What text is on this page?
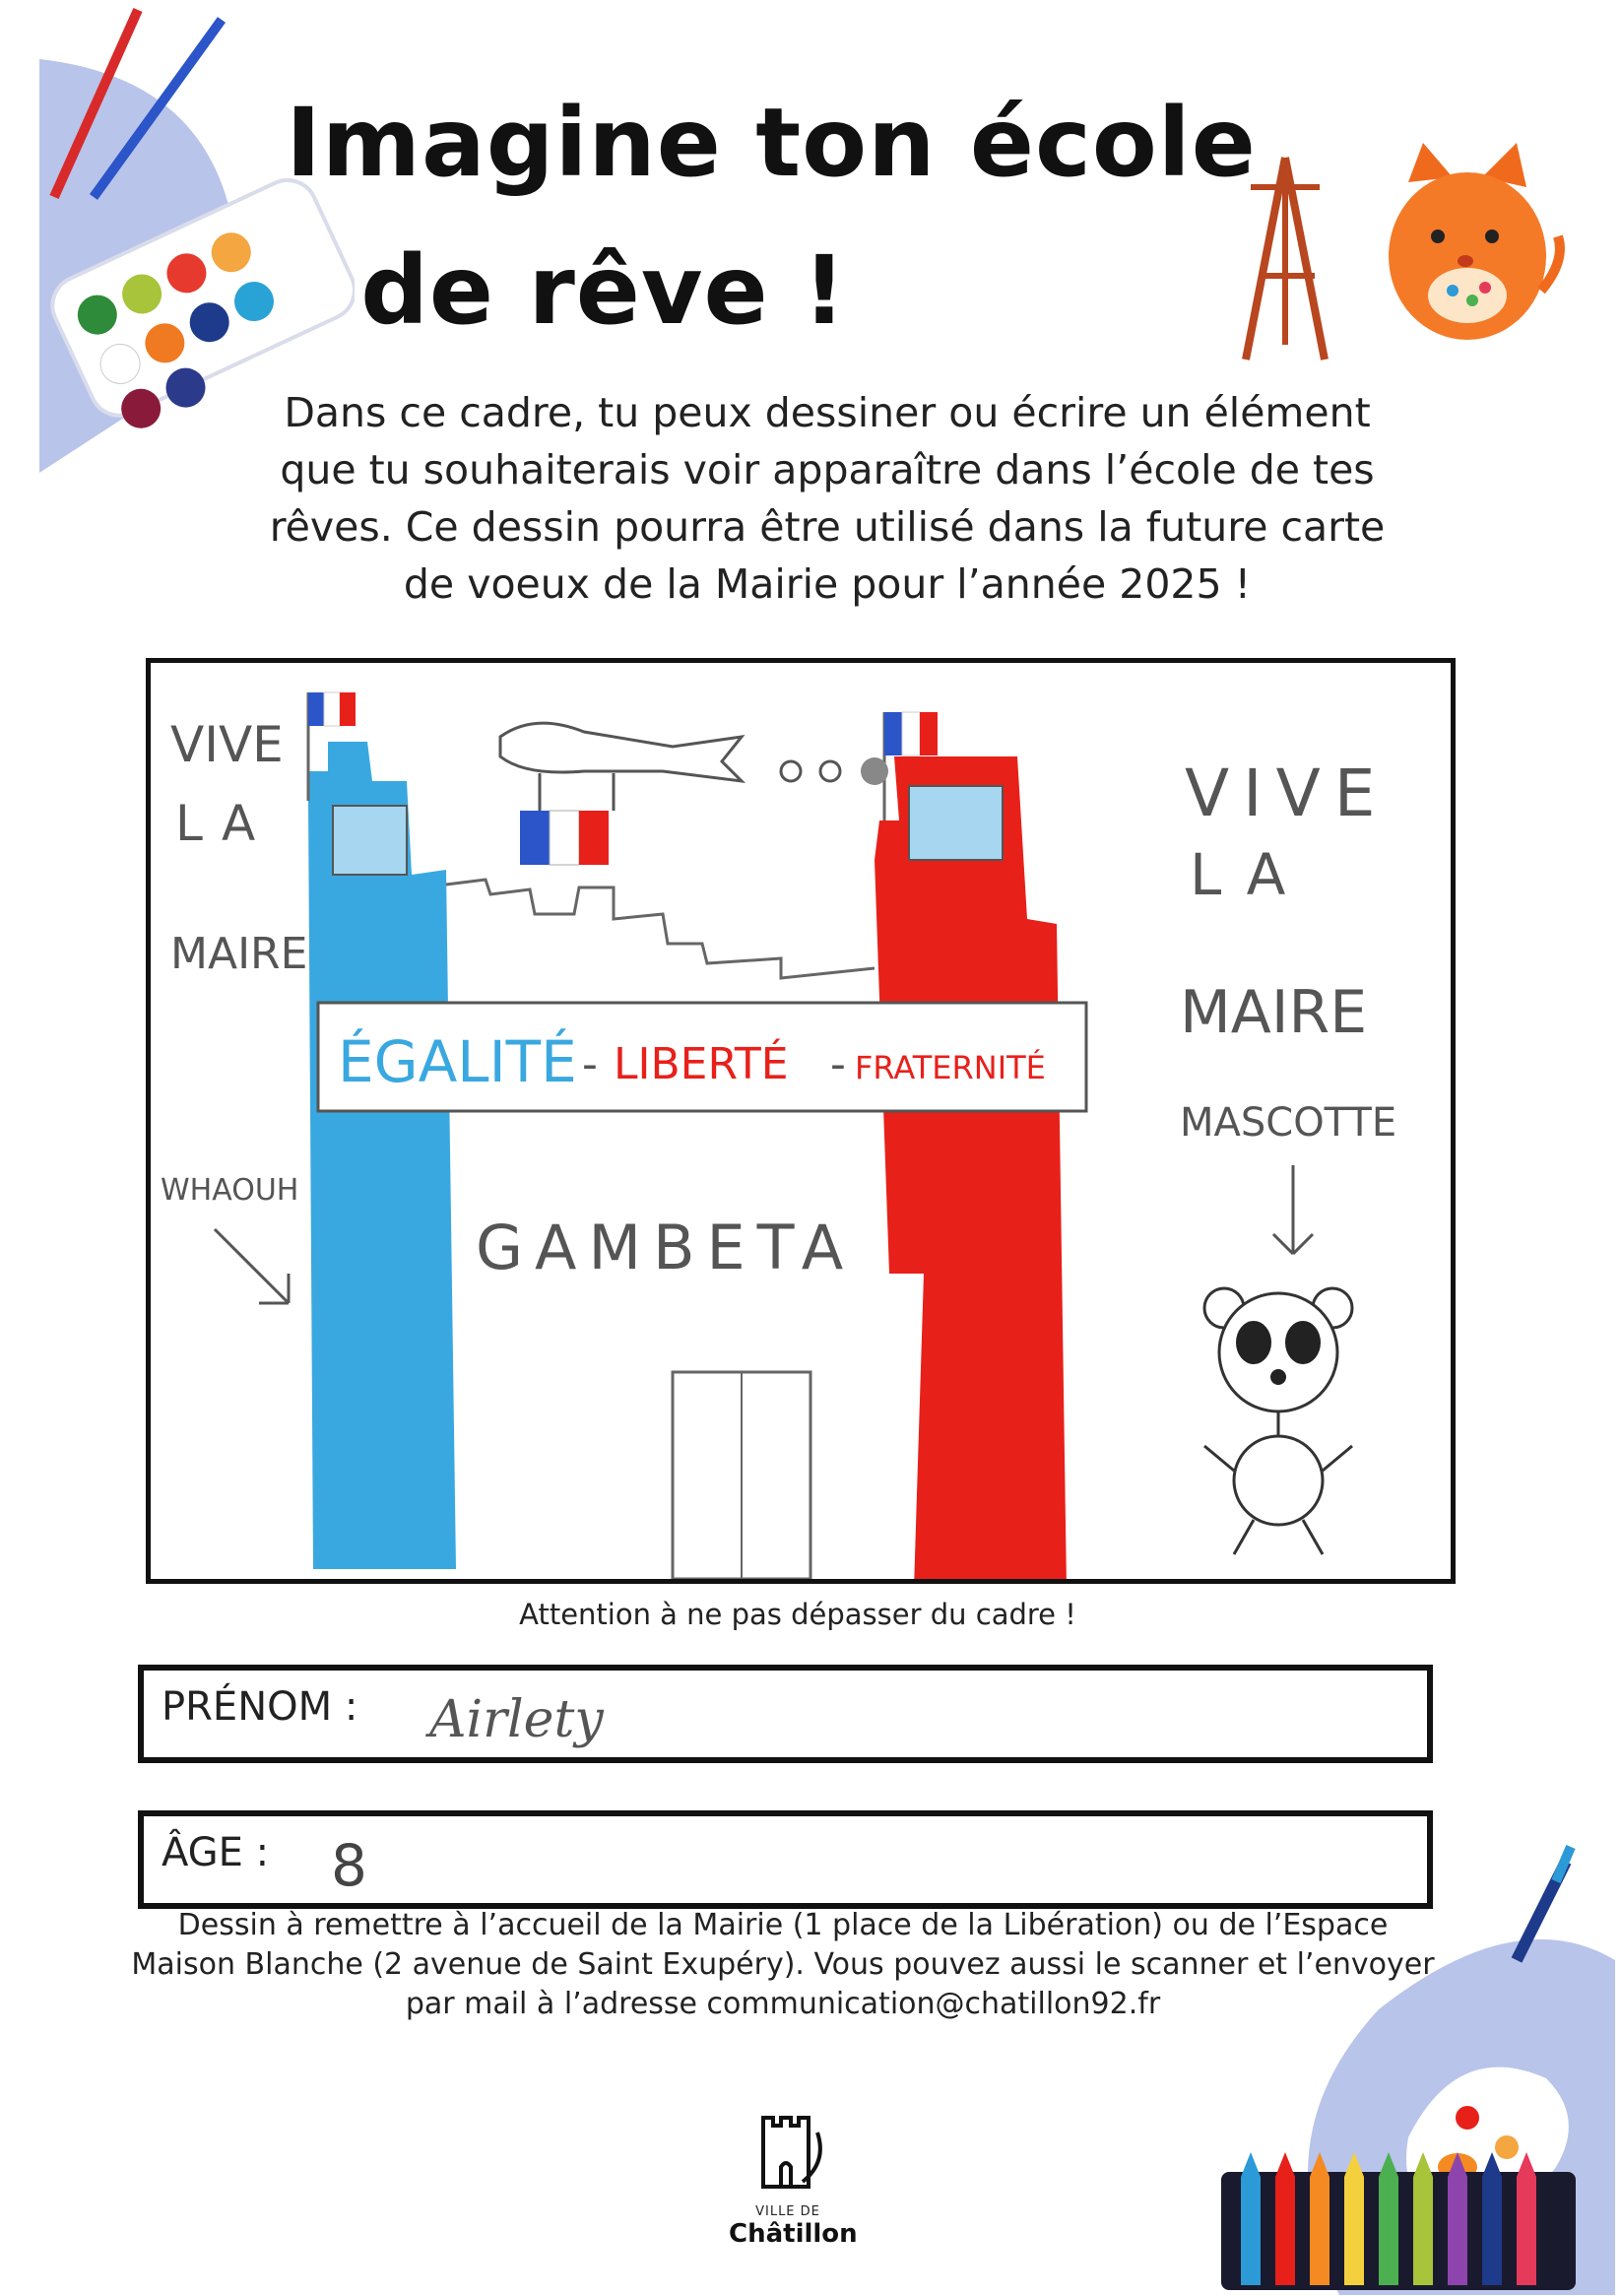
Imagine ton école
de rêve !
Dans ce cadre, tu peux dessiner ou écrire un élément
que tu souhaiterais voir apparaître dans l’école de tes
rêves. Ce dessin pourra être utilisé dans la future carte
de voeux de la Mairie pour l’année 2025 !
ÉGALITÉ - LIBERTÉ - FRATERNITÉ
GAMBETA
VIVE
LA
MAIRE
WHAOUH
VIVE
LA
MAIRE
MASCOTTE
Attention à ne pas dépasser du cadre !
PRÉNOM : Airlety
ÂGE : 8
Dessin à remettre à l’accueil de la Mairie (1 place de la Libération) ou de l’Espace
Maison Blanche (2 avenue de Saint Exupéry). Vous pouvez aussi le scanner et l’envoyer
par mail à l’adresse communication@chatillon92.fr
VILLE DE
Châtillon
